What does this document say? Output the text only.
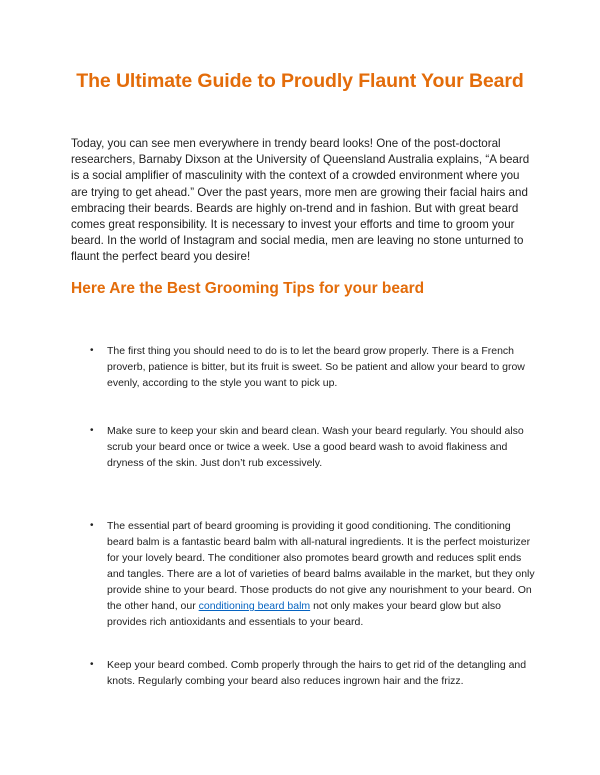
The Ultimate Guide to Proudly Flaunt Your Beard

Today, you can see men everywhere in trendy beard looks! One of the post-doctoral researchers, Barnaby Dixson at the University of Queensland Australia explains, “A beard is a social amplifier of masculinity with the context of a crowded environment where you are trying to get ahead.” Over the past years, more men are growing their facial hairs and embracing their beards. Beards are highly on-trend and in fashion. But with great beard comes great responsibility. It is necessary to invest your efforts and time to groom your beard. In the world of Instagram and social media, men are leaving no stone unturned to flaunt the perfect beard you desire!

Here Are the Best Grooming Tips for your beard
• The first thing you should need to do is to let the beard grow properly. There is a French proverb, patience is bitter, but its fruit is sweet. So be patient and allow your beard to grow evenly, according to the style you want to pick up.

• Make sure to keep your skin and beard clean. Wash your beard regularly. You should also scrub your beard once or twice a week. Use a good beard wash to avoid flakiness and dryness of the skin. Just don’t rub excessively.

• The essential part of beard grooming is providing it good conditioning. The conditioning beard balm is a fantastic beard balm with all-natural ingredients. It is the perfect moisturizer for your lovely beard. The conditioner also promotes beard growth and reduces split ends and tangles. There are a lot of varieties of beard balms available in the market, but they only provide shine to your beard. Those products do not give any nourishment to your beard. On the other hand, our conditioning beard balm not only makes your beard glow but also provides rich antioxidants and essentials to your beard.

• Keep your beard combed. Comb properly through the hairs to get rid of the detangling and knots. Regularly combing your beard also reduces ingrown hair and the frizz.
